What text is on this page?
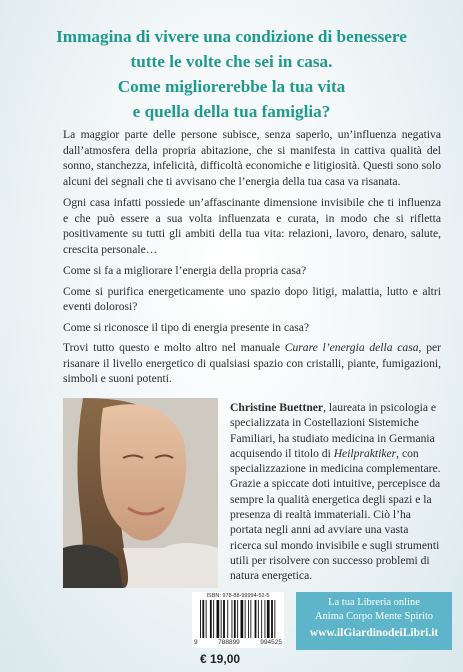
Immagina di vivere una condizione di benessere
tutte le volte che sei in casa.
Come migliorerebbe la tua vita
e quella della tua famiglia?

La maggior parte delle persone subisce, senza saperlo, un’influenza negativa dall’atmosfera della propria abitazione, che si manifesta in cattiva qualità del sonno, stanchezza, infelicità, difficoltà economiche e litigiosità. Questi sono solo alcuni dei segnali che ti avvisano che l’energia della tua casa va risanata.

Ogni casa infatti possiede un’affascinante dimensione invisibile che ti influenza e che può essere a sua volta influenzata e curata, in modo che si rifletta positivamente su tutti gli ambiti della tua vita: relazioni, lavoro, denaro, salute, crescita personale…

Come si fa a migliorare l’energia della propria casa?

Come si purifica energeticamente uno spazio dopo litigi, malattia, lutto e altri eventi dolorosi?

Come si riconosce il tipo di energia presente in casa?

Trovi tutto questo e molto altro nel manuale Curare l’energia della casa, per risanare il livello energetico di qualsiasi spazio con cristalli, piante, fumigazioni, simboli e suoni potenti.

Christine Buettner, laureata in psicologia e specializzata in Costellazioni Sistemiche Familiari, ha studiato medicina in Germania acquisendo il titolo di Heilpraktiker, con specializzazione in medicina complementare. Grazie a spiccate doti intuitive, percepisce da sempre la qualità energetica degli spazi e la presenza di realtà immateriali. Ciò l’ha portata negli anni ad avviare una vasta ricerca sul mondo invisibile e sugli strumenti utili per risolvere con successo problemi di natura energetica.
ISBN: 978-88-99994-52-5
9	788899	994525
€ 19,00
La tua Libreria online
Anima Corpo Mente Spirito
www.ilGiardinodeiLibri.it
